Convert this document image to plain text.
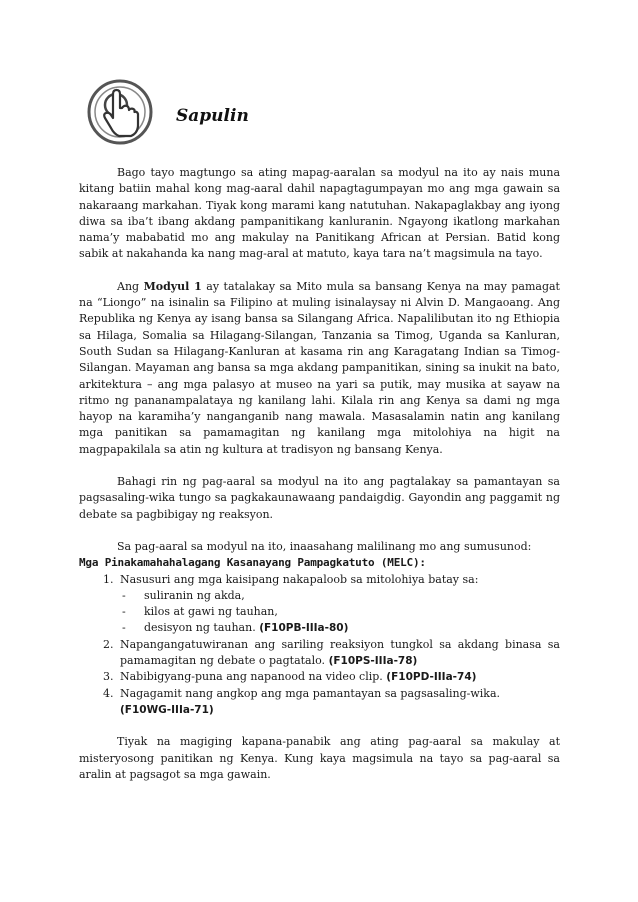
Sapulin

Bago tayo magtungo sa ating mapag-aaralan sa modyul na ito ay nais muna kitang batiin mahal kong mag-aaral dahil napagtagumpayan mo ang mga gawain sa nakaraang markahan. Tiyak kong marami kang natutuhan. Nakapaglakbay ang iyong diwa sa iba’t ibang akdang pampanitikang kanluranin. Ngayong ikatlong markahan nama’y mababatid mo ang makulay na Panitikang African at Persian. Batid kong sabik at nakahanda ka nang mag-aral at matuto, kaya tara na’t magsimula na tayo.

Ang Modyul 1 ay tatalakay sa Mito mula sa bansang Kenya na may pamagat na “Liongo” na isinalin sa Filipino at muling isinalaysay ni Alvin D. Mangaoang. Ang Republika ng Kenya ay isang bansa sa Silangang Africa. Napalilibutan ito ng Ethiopia sa Hilaga, Somalia sa Hilagang-Silangan, Tanzania sa Timog, Uganda sa Kanluran, South Sudan sa Hilagang-Kanluran at kasama rin ang Karagatang Indian sa Timog-Silangan. Mayaman ang bansa sa mga akdang pampanitikan, sining sa inukit na bato, arkitektura – ang mga palasyo at museo na yari sa putik, may musika at sayaw na ritmo ng pananampalataya ng kanilang lahi. Kilala rin ang Kenya sa dami ng mga hayop na karamiha’y nanganganib nang mawala. Masasalamin natin ang kanilang mga panitikan sa pamamagitan ng kanilang mga mitolohiya na higit na magpapakilala sa atin ng kultura at tradisyon ng bansang Kenya.

Bahagi rin ng pag-aaral sa modyul na ito ang pagtalakay sa pamantayan sa pagsasaling-wika tungo sa pagkakaunawaang pandaigdig. Gayondin ang paggamit ng debate sa pagbibigay ng reaksyon.

Sa pag-aaral sa modyul na ito, inaasahang malilinang mo ang sumusunod:

Mga Pinakamahahalagang Kasanayang Pampagkatuto (MELC):

1. Nasusuri ang mga kaisipang nakapaloob sa mitolohiya batay sa:
- suliranin ng akda,
- kilos at gawi ng tauhan,
- desisyon ng tauhan. (F10PB-IIIa-80)
2. Napangangatuwiranan ang sariling reaksiyon tungkol sa akdang binasa sa pamamagitan ng debate o pagtatalo. (F10PS-IIIa-78)
3. Nabibigyang-puna ang napanood na video clip. (F10PD-IIIa-74)
4. Nagagamit nang angkop ang mga pamantayan sa pagsasaling-wika.
(F10WG-IIIa-71)

Tiyak na magiging kapana-panabik ang ating pag-aaral sa makulay at misteryosong panitikan ng Kenya. Kung kaya magsimula na tayo sa pag-aaral sa aralin at pagsagot sa mga gawain.
